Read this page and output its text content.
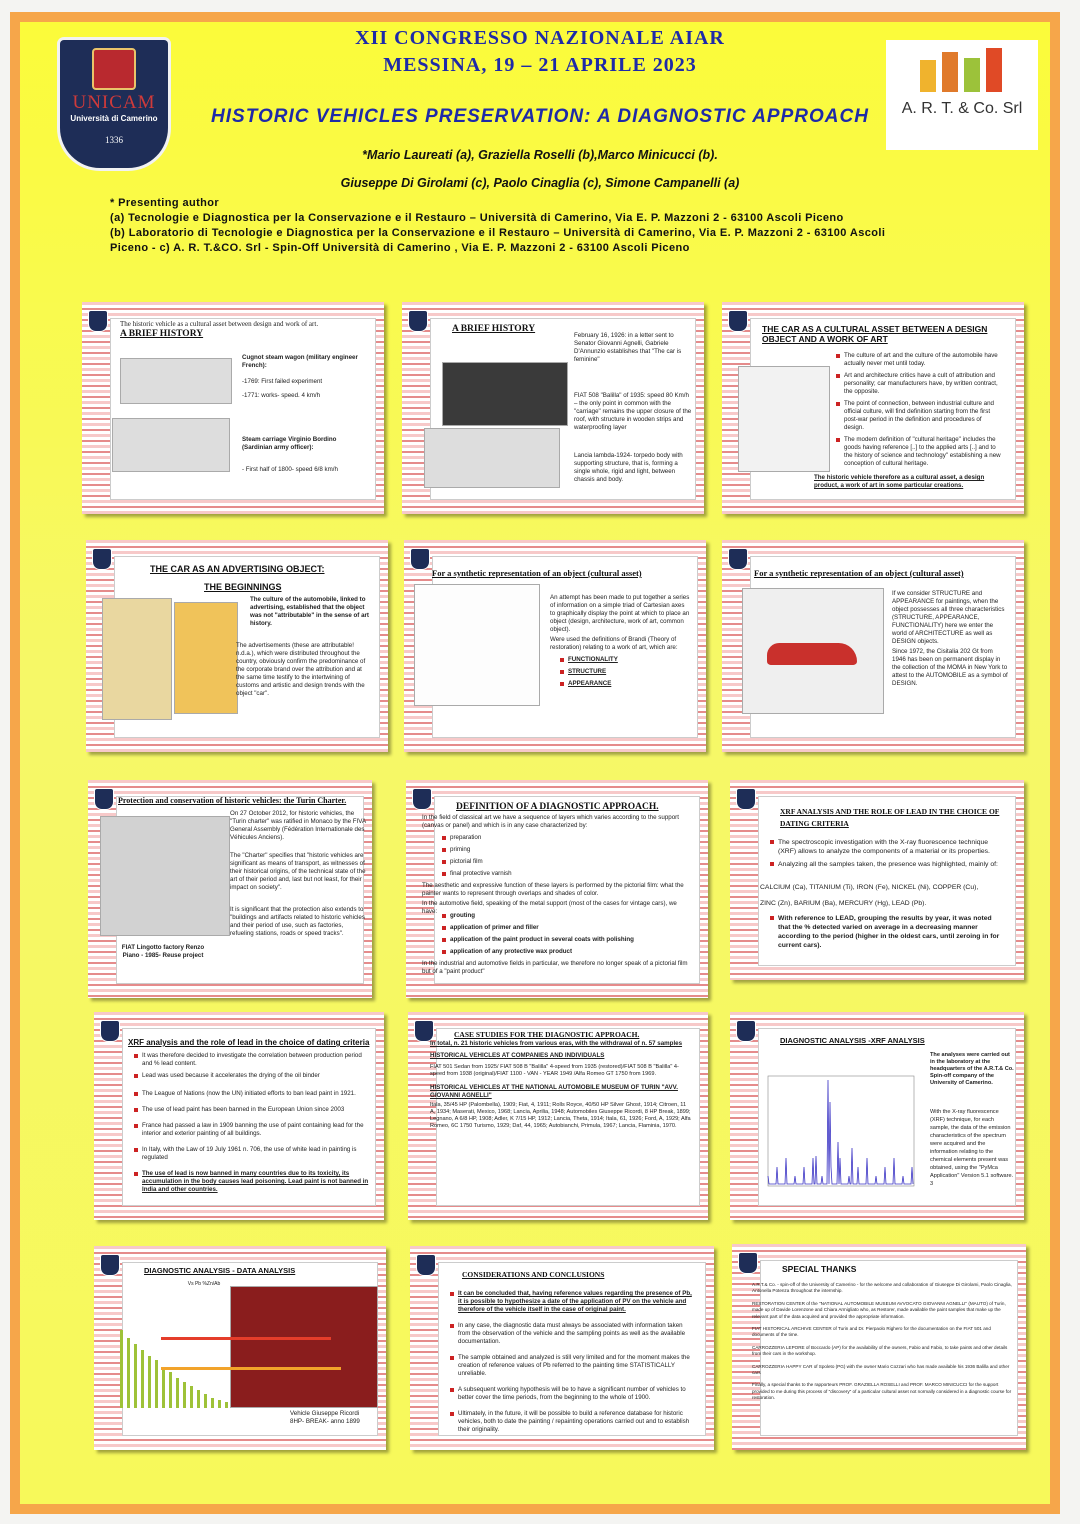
UNICAM
Università di Camerino
1336
A. R. T. & Co. Srl
XII CONGRESSO NAZIONALE AIAR
MESSINA, 19 – 21 APRILE 2023
HISTORIC VEHICLES PRESERVATION: A DIAGNOSTIC APPROACH
*Mario Laureati (a), Graziella Roselli (b),Marco Minicucci (b).
Giuseppe Di Girolami (c), Paolo Cinaglia (c), Simone Campanelli (a)
* Presenting author
(a) Tecnologie e Diagnostica per la Conservazione e il Restauro – Università di Camerino, Via E. P. Mazzoni 2 - 63100 Ascoli Piceno
(b) Laboratorio di Tecnologie e Diagnostica per la Conservazione e il Restauro – Università di Camerino, Via E. P. Mazzoni 2 - 63100 Ascoli
Piceno - c) A. R. T.&CO. Srl - Spin-Off Università di Camerino , Via E. P. Mazzoni 2 - 63100 Ascoli Piceno
The historic vehicle as a cultural asset between design and work of art.
A BRIEF HISTORY
Cugnot steam wagon (military engineer French):
-1769: First failed experiment
-1771: works- speed. 4 km/h
Steam carriage Virginio Bordino (Sardinian army officer):
- First half of 1800- speed 6/8 km/h
A BRIEF HISTORY
February 16, 1926: in a letter sent to Senator Giovanni Agnelli, Gabriele D'Annunzio establishes that "The car is feminine"
FIAT 508 "Balilla" of 1935: speed 80 Km/h – the only point in common with the "carriage" remains the upper closure of the roof, with structure in wooden strips and waterproofing layer
Lancia lambda-1924- torpedo body with supporting structure, that is, forming a single whole, rigid and light, between chassis and body.
THE CAR AS A CULTURAL ASSET BETWEEN A DESIGN OBJECT AND A WORK OF ART
The culture of art and the culture of the automobile have actually never met until today.
Art and architecture critics have a cult of attribution and personality; car manufacturers have, by written contract, the opposite.
The point of connection, between industrial culture and official culture, will find definition starting from the first post-war period in the definition and procedures of design.
The modern definition of "cultural heritage" includes the goods having reference [..] to the applied arts [..] and to the history of science and technology" establishing a new conception of cultural heritage.
The historic vehicle therefore as a cultural asset, a design product, a work of art in some particular creations.
THE CAR AS AN ADVERTISING OBJECT:
THE BEGINNINGS
The culture of the automobile, linked to advertising, established that the object was not "attributable" in the sense of art history.
The advertisements (these are attributable! n.d.a.), which were distributed throughout the country, obviously confirm the predominance of the corporate brand over the attribution and at the same time testify to the intertwining of customs and artistic and design trends with the object "car".
For a synthetic representation of an object (cultural asset)
An attempt has been made to put together a series of information on a simple triad of Cartesian axes to graphically display the point at which to place an object (design, architecture, work of art, common object).
Were used the definitions of Brandi (Theory of restoration) relating to a work of art, which are:
FUNCTIONALITY
STRUCTURE
APPEARANCE
For a synthetic representation of an object (cultural asset)
If we consider STRUCTURE and APPEARANCE for paintings, when the object possesses all three characteristics (STRUCTURE, APPEARANCE, FUNCTIONALITY) here we enter the world of ARCHITECTURE as well as DESIGN objects.
Since 1972, the Cisitalia 202 Gt from 1946 has been on permanent display in the collection of the MOMA in New York to attest to the AUTOMOBILE as a symbol of DESIGN.
Protection and conservation of historic vehicles: the Turin Charter.
FIAT Lingotto factory Renzo Piano - 1985- Reuse project
On 27 October 2012, for historic vehicles, the "Turin charter" was ratified in Monaco by the FIVA General Assembly (Fédération Internationale des Véhicules Anciens).
The "Charter" specifies that "historic vehicles are significant as means of transport, as witnesses of their historical origins, of the technical state of the art of their period and, last but not least, for their impact on society".
It is significant that the protection also extends to "buildings and artifacts related to historic vehicles and their period of use, such as factories, refueling stations, roads or speed tracks".
DEFINITION OF A DIAGNOSTIC APPROACH.
In the field of classical art we have a sequence of layers which varies according to the support (canvas or panel) and which is in any case characterized by:
preparation
priming
pictorial film
final protective varnish
The aesthetic and expressive function of these layers is performed by the pictorial film: what the painter wants to represent through overlaps and shades of color.
In the automotive field, speaking of the metal support (most of the cases for vintage cars), we have:
grouting
application of primer and filler
application of the paint product in several coats with polishing
application of any protective wax product
In the industrial and automotive fields in particular, we therefore no longer speak of a pictorial film but of a "paint product"
XRF ANALYSIS AND THE ROLE OF LEAD IN THE CHOICE OF DATING CRITERIA
The spectroscopic investigation with the X-ray fluorescence technique (XRF) allows to analyze the components of a material or its properties.
Analyzing all the samples taken, the presence was highlighted, mainly of:
CALCIUM (Ca), TITANIUM (Ti), IRON (Fe), NICKEL (Ni), COPPER (Cu),
ZINC (Zn), BARIUM (Ba), MERCURY (Hg), LEAD (Pb).
With reference to LEAD, grouping the results by year, it was noted that the % detected varied on average in a decreasing manner according to the period (higher in the oldest cars, until zeroing in for current cars).
XRF analysis and the role of lead in the choice of dating criteria
It was therefore decided to investigate the correlation between production period and % lead content.
Lead was used because it accelerates the drying of the oil binder
The League of Nations (now the UN) initiated efforts to ban lead paint in 1921.
The use of lead paint has been banned in the European Union since 2003
France had passed a law in 1909 banning the use of paint containing lead for the interior and exterior painting of all buildings.
In Italy, with the Law of 19 July 1961 n. 706, the use of white lead in painting is regulated
The use of lead is now banned in many countries due to its toxicity, its accumulation in the body causes lead poisoning. Lead paint is not banned in India and other countries.
CASE STUDIES FOR THE DIAGNOSTIC APPROACH.
In total, n. 21 historic vehicles from various eras, with the withdrawal of n. 57 samples
HISTORICAL VEHICLES AT COMPANIES AND INDIVIDUALS
FIAT 501 Sedan from 1925/ FIAT 508 B "Balilla" 4-speed from 1935 (restored)/FIAT 508 B "Balilla" 4-speed from 1938 (original)/FIAT 1100 - VAN - YEAR 1949 /Alfa Romeo GT 1750 from 1969.
HISTORICAL VEHICLES AT THE NATIONAL AUTOMOBILE MUSEUM OF TURIN "AVV. GIOVANNI AGNELLI"
Itala, 35/45 HP (Palombella), 1909; Fiat, 4, 1911; Rolls Royce, 40/50 HP Silver Ghost, 1914; Citroen, 11 A, 1934; Maserati, Mexico, 1968; Lancia, Aprilia, 1948; Automobiles Giuseppe Ricordi, 8 HP Break, 1899; Legnano, A 6/8 HP, 1908; Adler, K 7/15 HP, 1912; Lancia, Theta, 1914; Itala, 61, 1926; Ford, A, 1929; Alfa Romeo, 6C 1750 Turismo, 1929; Daf, 44, 1965; Autobianchi, Primula, 1967; Lancia, Flaminia, 1970.
DIAGNOSTIC ANALYSIS -XRF ANALYSIS
The analyses were carried out in the laboratory at the headquarters of the A.R.T.& Co. Spin-off company of the University of Camerino.
With the X-ray fluorescence (XRF) technique, for each sample, the data of the emission characteristics of the spectrum were acquired and the information relating to the chemical elements present was obtained, using the "PyMca Application" Version 5.1 software. 3
DIAGNOSTIC ANALYSIS - DATA ANALYSIS
Vs Pb %Zn/Ab
Vehicle Giuseppe Ricordi 8HP- BREAK- anno 1899
CONSIDERATIONS AND CONCLUSIONS
It can be concluded that, having reference values regarding the presence of Pb, it is possible to hypothesize a date of the application of PV on the vehicle and therefore of the vehicle itself in the case of original paint.
In any case, the diagnostic data must always be associated with information taken from the observation of the vehicle and the sampling points as well as the available documentation.
The sample obtained and analyzed is still very limited and for the moment makes the creation of reference values of Pb referred to the painting time STATISTICALLY unreliable.
A subsequent working hypothesis will be to have a significant number of vehicles to better cover the time periods, from the beginning to the whole of 1900.
Ultimately, in the future, it will be possible to build a reference database for historic vehicles, both to date the painting / repainting operations carried out and to establish their originality.
SPECIAL THANKS
A.R.T.& Co. - spin-off of the University of Camerino - for the welcome and collaboration of Giuseppe Di Girolami, Paolo Cinaglia, Antonella Potenza throughout the internship.
RESTORATION CENTER of the "NATIONAL AUTOMOBILE MUSEUM AVVOCATO GIOVANNI AGNELLI" (MAUTO) of Turin, made up of Davide Lorenzone and Chiara Armigliato who, as Restorer, made available the paint samples that make up the relevant part of the data acquired and provided the appropriate information.
FIAT HISTORICAL ARCHIVE CENTER of Turin and Dr. Pierpaolo Righero for the documentation on the FIAT 501 and documents of the time.
CARROZZERIA LEPORE of Boccardo (AP) for the availability of the owners, Fabio and Fabio, to take paints and other details from their cars in the workshop.
CARROZZERIA HAPPY CAR of Spoleto (PG) with the owner Mario Cozzari who has made available his 1936 Balilla and other cars
Finally, a special thanks to the rapporteurs PROF. GRAZIELLA ROSELLI and PROF. MARCO MINICUCCI for the support provided to me during this process of "discovery" of a particular cultural asset not normally considered in a diagnostic course for restoration.
